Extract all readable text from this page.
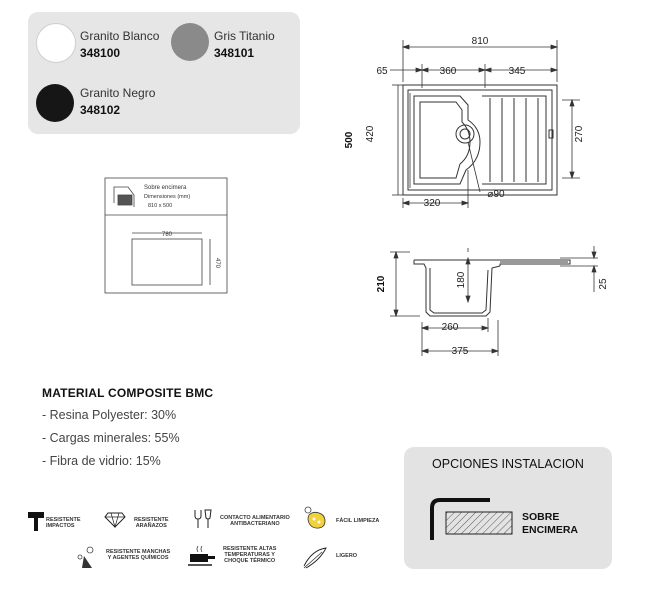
Granito Blanco
348100
Gris Titanio
348101
Granito Negro
348102
810
65	360	345
500 420	270
320
⌀90
Sobre encimera
Dimensiones (mm)
810 x 500
780
470
210	180	25
260
375
MATERIAL COMPOSITE BMC
- Resina Polyester: 30%
- Cargas minerales: 55%
- Fibra de vidrio: 15%	OPCIONES INSTALACION
SOBRE
ENCIMERA
RESISTENTE
IMPACTOS
RESISTENTE
ARAÑAZOS
CONTACTO ALIMENTARIO
ANTIBACTERIANO	FÁCIL LIMPIEZA
RESISTENTE MANCHAS
Y AGENTES QUÍMICOS
RESISTENTE ALTAS
TEMPERATURAS Y
CHOQUE TÉRMICO
LIGERO
